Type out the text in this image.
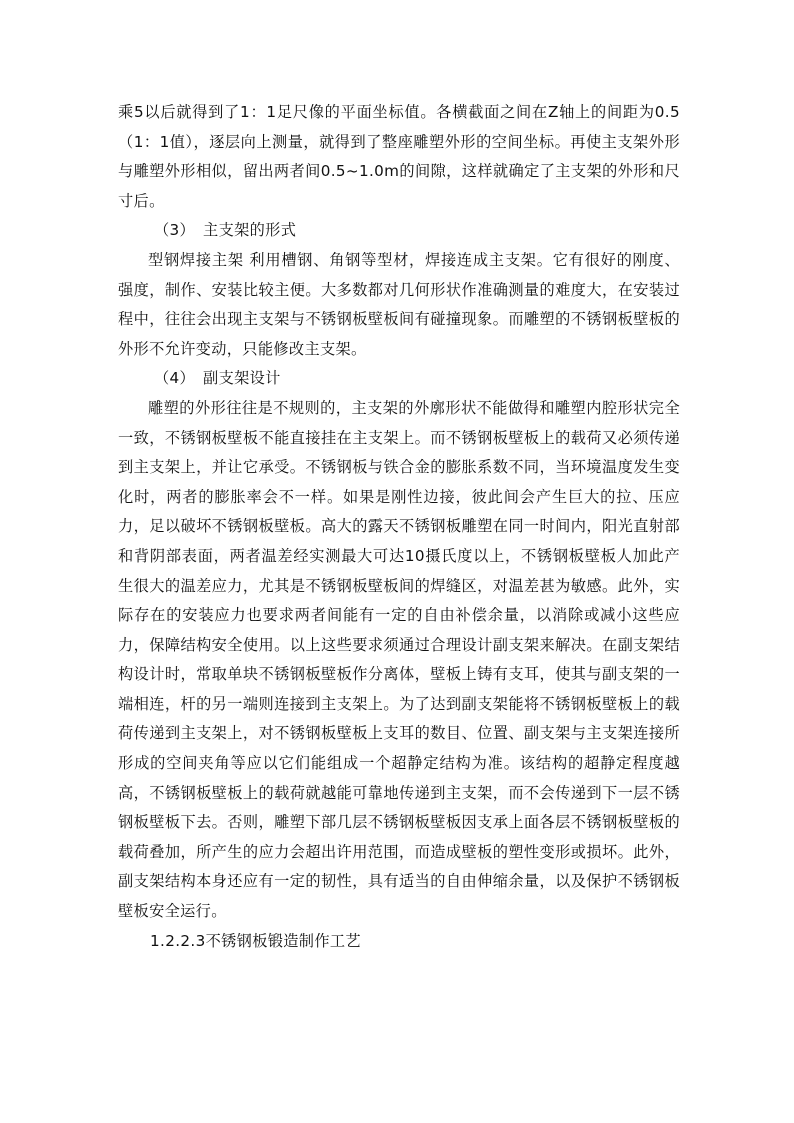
乘5以后就得到了1：1足尺像的平面坐标值。各横截面之间在Z轴上的间距为0.5（1：1值），逐层向上测量，就得到了整座雕塑外形的空间坐标。再使主支架外形与雕塑外形相似，留出两者间0.5~1.0m的间隙，这样就确定了主支架的外形和尺寸后。

（3）　主支架的形式

型钢焊接主架 利用槽钢、角钢等型材，焊接连成主支架。它有很好的刚度、强度，制作、安装比较主便。大多数都对几何形状作准确测量的难度大，在安装过程中，往往会出现主支架与不锈钢板壁板间有碰撞现象。而雕塑的不锈钢板壁板的外形不允许变动，只能修改主支架。

（4）　副支架设计

雕塑的外形往往是不规则的，主支架的外廓形状不能做得和雕塑内腔形状完全一致，不锈钢板壁板不能直接挂在主支架上。而不锈钢板壁板上的载荷又必须传递到主支架上，并让它承受。不锈钢板与铁合金的膨胀系数不同，当环境温度发生变化时，两者的膨胀率会不一样。如果是刚性边接，彼此间会产生巨大的拉、压应力，足以破坏不锈钢板壁板。高大的露天不锈钢板雕塑在同一时间内，阳光直射部和背阴部表面，两者温差经实测最大可达10摄氏度以上，不锈钢板壁板人加此产生很大的温差应力，尤其是不锈钢板壁板间的焊缝区，对温差甚为敏感。此外，实际存在的安装应力也要求两者间能有一定的自由补偿余量，以消除或减小这些应力，保障结构安全使用。以上这些要求须通过合理设计副支架来解决。在副支架结构设计时，常取单块不锈钢板壁板作分离体，壁板上铸有支耳，使其与副支架的一端相连，杆的另一端则连接到主支架上。为了达到副支架能将不锈钢板壁板上的载荷传递到主支架上，对不锈钢板壁板上支耳的数目、位置、副支架与主支架连接所形成的空间夹角等应以它们能组成一个超静定结构为准。该结构的超静定程度越高，不锈钢板壁板上的载荷就越能可靠地传递到主支架，而不会传递到下一层不锈钢板壁板下去。否则，雕塑下部几层不锈钢板壁板因支承上面各层不锈钢板壁板的载荷叠加，所产生的应力会超出许用范围，而造成壁板的塑性变形或损坏。此外，副支架结构本身还应有一定的韧性，具有适当的自由伸缩余量，以及保护不锈钢板壁板安全运行。

1.2.2.3不锈钢板锻造制作工艺
